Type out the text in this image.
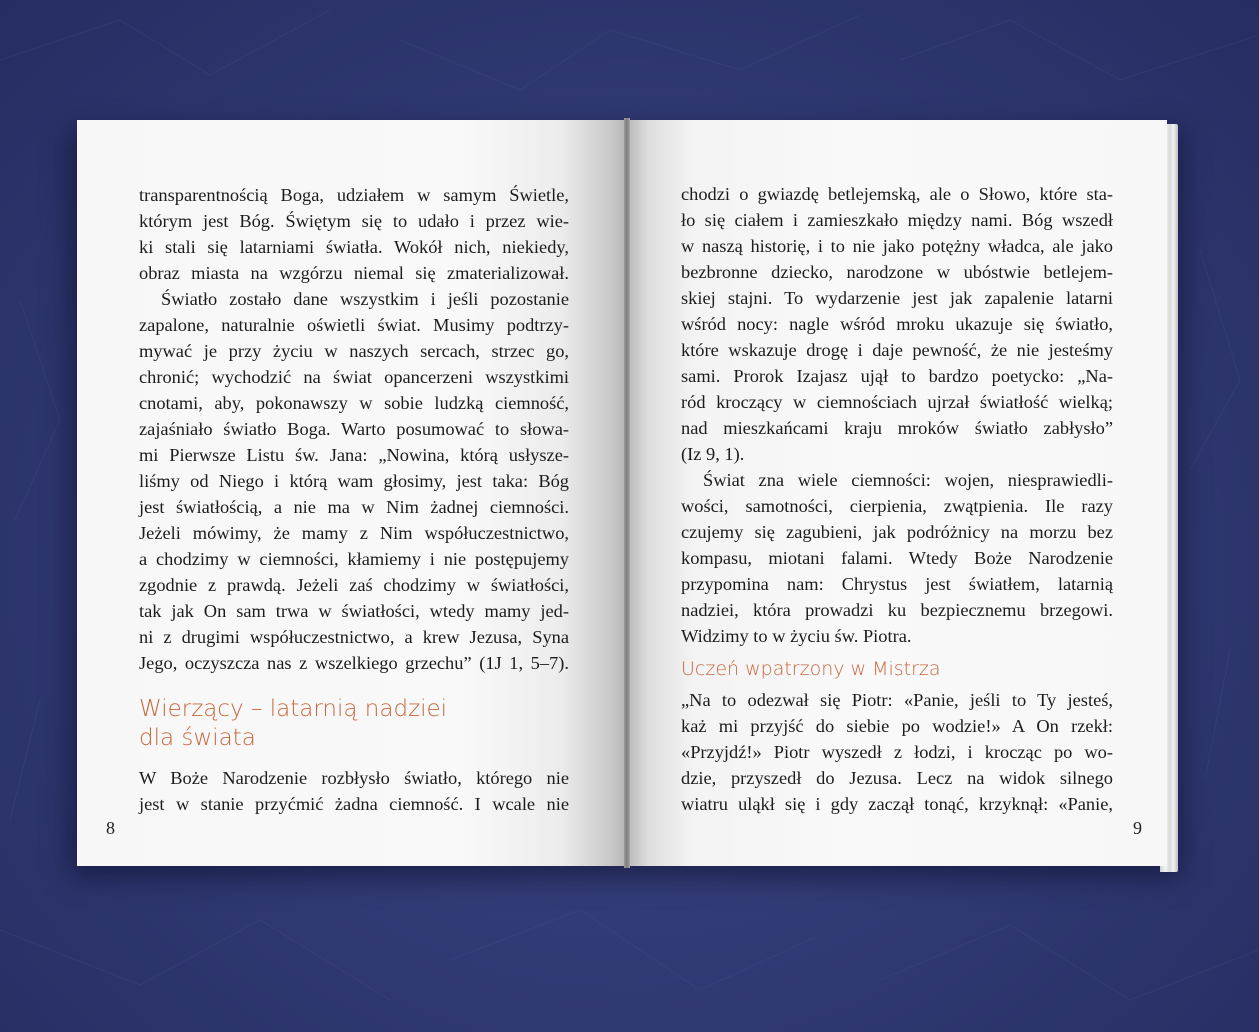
transparentnością Boga, udziałem w samym Świetle,
którym jest Bóg. Świętym się to udało i przez wie-
ki stali się latarniami światła. Wokół nich, niekiedy,
obraz miasta na wzgórzu niemal się zmaterializował.
Światło zostało dane wszystkim i jeśli pozostanie
zapalone, naturalnie oświetli świat. Musimy podtrzy-
mywać je przy życiu w naszych sercach, strzec go,
chronić; wychodzić na świat opancerzeni wszystkimi
cnotami, aby, pokonawszy w sobie ludzką ciemność,
zajaśniało światło Boga. Warto posumować to słowa-
mi Pierwsze Listu św. Jana: „Nowina, którą usłysze-
liśmy od Niego i którą wam głosimy, jest taka: Bóg
jest światłością, a nie ma w Nim żadnej ciemności.
Jeżeli mówimy, że mamy z Nim współuczestnictwo,
a chodzimy w ciemności, kłamiemy i nie postępujemy
zgodnie z prawdą. Jeżeli zaś chodzimy w światłości,
tak jak On sam trwa w światłości, wtedy mamy jed-
ni z drugimi współuczestnictwo, a krew Jezusa, Syna
Jego, oczyszcza nas z wszelkiego grzechu” (1J 1, 5–7).
Wierzący – latarnią nadziei
dla świata
W Boże Narodzenie rozbłysło światło, którego nie
jest w stanie przyćmić żadna ciemność. I wcale nie
8
chodzi o gwiazdę betlejemską, ale o Słowo, które sta-
ło się ciałem i zamieszkało między nami. Bóg wszedł
w naszą historię, i to nie jako potężny władca, ale jako
bezbronne dziecko, narodzone w ubóstwie betlejem-
skiej stajni. To wydarzenie jest jak zapalenie latarni
wśród nocy: nagle wśród mroku ukazuje się światło,
które wskazuje drogę i daje pewność, że nie jesteśmy
sami. Prorok Izajasz ujął to bardzo poetycko: „Na-
ród kroczący w ciemnościach ujrzał światłość wielką;
nad mieszkańcami kraju mroków światło zabłysło”
(Iz 9, 1).
Świat zna wiele ciemności: wojen, niesprawiedli-
wości, samotności, cierpienia, zwątpienia. Ile razy
czujemy się zagubieni, jak podróżnicy na morzu bez
kompasu, miotani falami. Wtedy Boże Narodzenie
przypomina nam: Chrystus jest światłem, latarnią
nadziei, która prowadzi ku bezpiecznemu brzegowi.
Widzimy to w życiu św. Piotra.
Uczeń wpatrzony w Mistrza
„Na to odezwał się Piotr: «Panie, jeśli to Ty jesteś,
każ mi przyjść do siebie po wodzie!» A On rzekł:
«Przyjdź!» Piotr wyszedł z łodzi, i krocząc po wo-
dzie, przyszedł do Jezusa. Lecz na widok silnego
wiatru uląkł się i gdy zaczął tonąć, krzyknął: «Panie,
9
